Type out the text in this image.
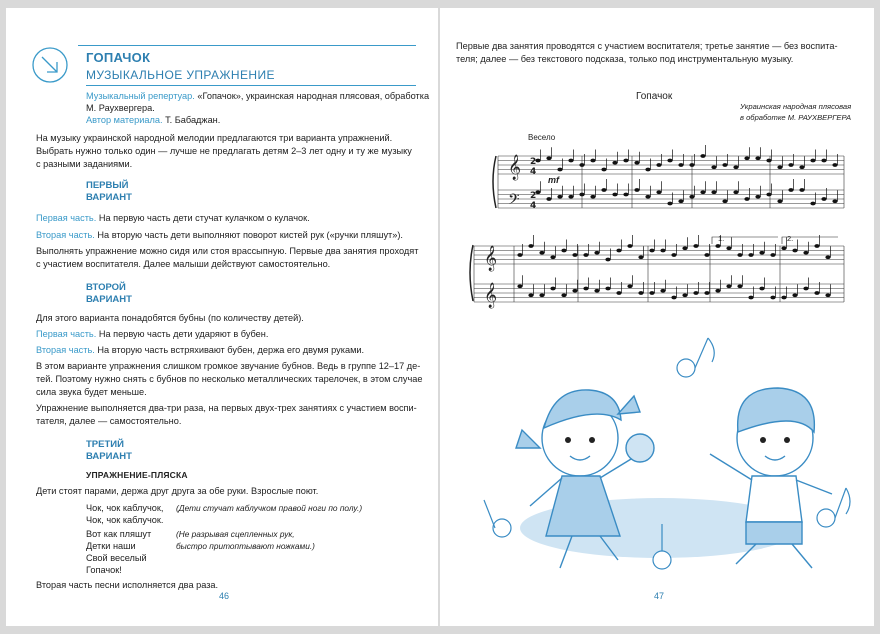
ГОПАЧОК
МУЗЫКАЛЬНОЕ УПРАЖНЕНИЕ
Музыкальный репертуар. «Гопачок», украинская народная плясовая, обработка
М. Раухвергера.
Автор материала. Т. Бабаджан.
На музыку украинской народной мелодии предлагаются три варианта упражнений.
Выбрать нужно только один — лучше не предлагать детям 2–3 лет одну и ту же музыку
с разными заданиями.
ПЕРВЫЙ
ВАРИАНТ
Первая часть. На первую часть дети стучат кулачком о кулачок.
Вторая часть. На вторую часть дети выполняют поворот кистей рук («ручки пляшут»).
Выполнять упражнение можно сидя или стоя врассыпную. Первые два занятия проходят
с участием воспитателя. Далее малыши действуют самостоятельно.
ВТОРОЙ
ВАРИАНТ
Для этого варианта понадобятся бубны (по количеству детей).
Первая часть. На первую часть дети ударяют в бубен.
Вторая часть. На вторую часть встряхивают бубен, держа его двумя руками.
В этом варианте упражнения слишком громкое звучание бубнов. Ведь в группе 12–17 де-
тей. Поэтому нужно снять с бубнов по несколько металлических тарелочек, в этом случае
сила звука будет меньше.
Упражнение выполняется два-три раза, на первых двух-трех занятиях с участием воспи-
тателя, далее — самостоятельно.
ТРЕТИЙ
ВАРИАНТ
УПРАЖНЕНИЕ-ПЛЯСКА
Дети стоят парами, держа друг друга за обе руки. Взрослые поют.
Чок, чок каблучок,
Чок, чок каблучок.
(Дети стучат каблучком правой ноги по полу.)
Вот как пляшут
Детки наши
Свой веселый
Гопачок!
(Не разрывая сцепленных рук,
быстро притоптывают ножками.)
Вторая часть песни исполняется два раза.
46
Первые два занятия проводятся с участием воспитателя; третье занятие — без воспита-
теля; далее — без текстового подсказа, только под инструментальную музыку.
Гопачок
Украинская народная плясовая
в обработке М. РАУХВЕРГЕРА
Весело
mf
1.	2.
𝄞
𝄢
𝄞
𝄞
2
4
2
4
47
